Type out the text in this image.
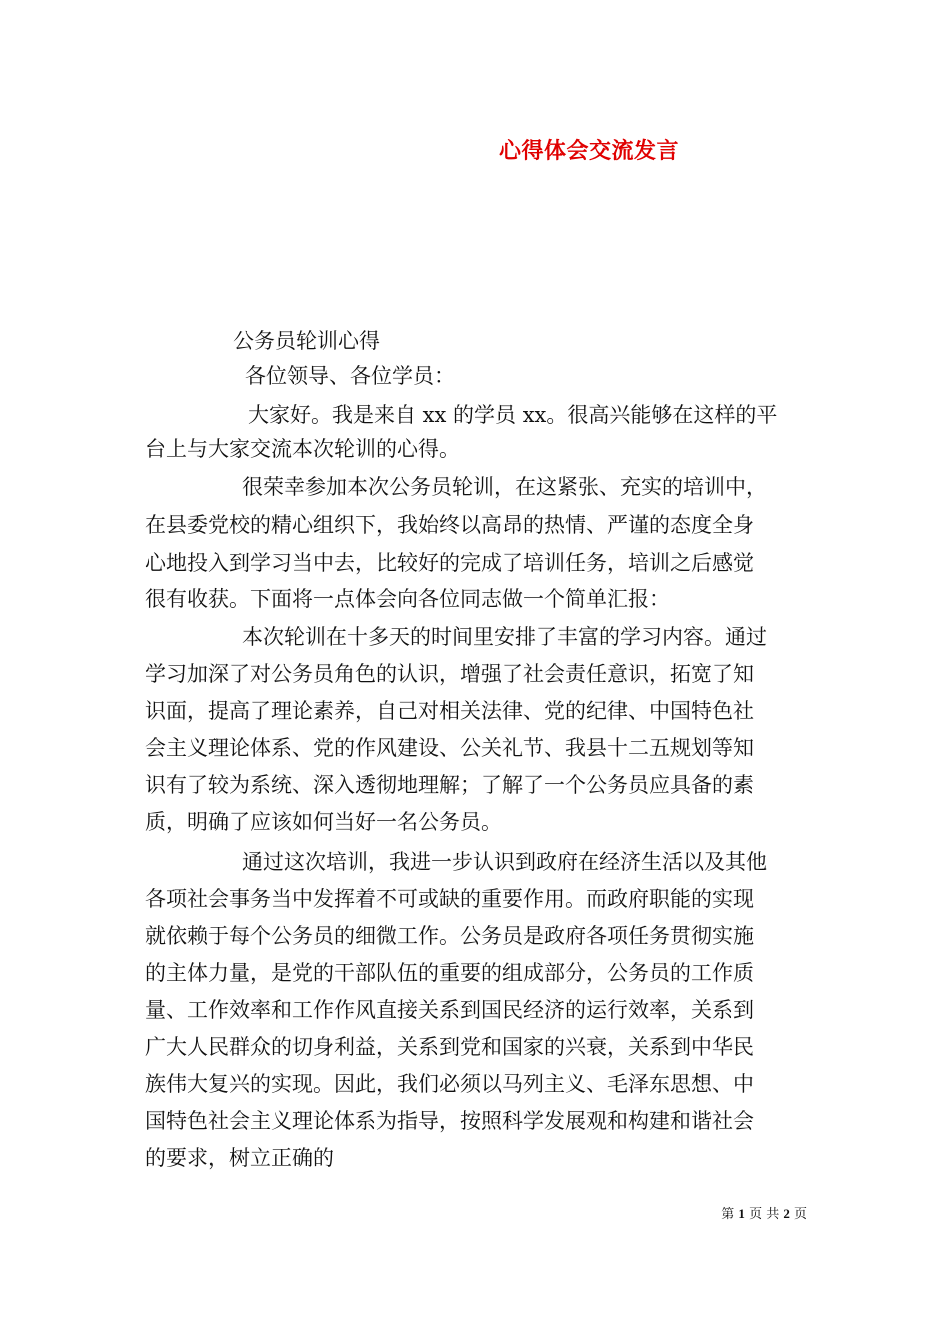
心得体会交流发言
公务员轮训心得
各位领导、各位学员：
大家好。我是来自 xx 的学员 xx。很高兴能够在这样的平
台上与大家交流本次轮训的心得。
很荣幸参加本次公务员轮训，在这紧张、充实的培训中，
在县委党校的精心组织下，我始终以高昂的热情、严谨的态度全身
心地投入到学习当中去，比较好的完成了培训任务，培训之后感觉
很有收获。下面将一点体会向各位同志做一个简单汇报：
本次轮训在十多天的时间里安排了丰富的学习内容。通过
学习加深了对公务员角色的认识，增强了社会责任意识，拓宽了知
识面，提高了理论素养，自己对相关法律、党的纪律、中国特色社
会主义理论体系、党的作风建设、公关礼节、我县十二五规划等知
识有了较为系统、深入透彻地理解；了解了一个公务员应具备的素
质，明确了应该如何当好一名公务员。
通过这次培训，我进一步认识到政府在经济生活以及其他
各项社会事务当中发挥着不可或缺的重要作用。而政府职能的实现
就依赖于每个公务员的细微工作。公务员是政府各项任务贯彻实施
的主体力量，是党的干部队伍的重要的组成部分，公务员的工作质
量、工作效率和工作作风直接关系到国民经济的运行效率，关系到
广大人民群众的切身利益，关系到党和国家的兴衰，关系到中华民
族伟大复兴的实现。因此，我们必须以马列主义、毛泽东思想、中
国特色社会主义理论体系为指导，按照科学发展观和构建和谐社会
的要求，树立正确的
第 1 页 共 2 页
